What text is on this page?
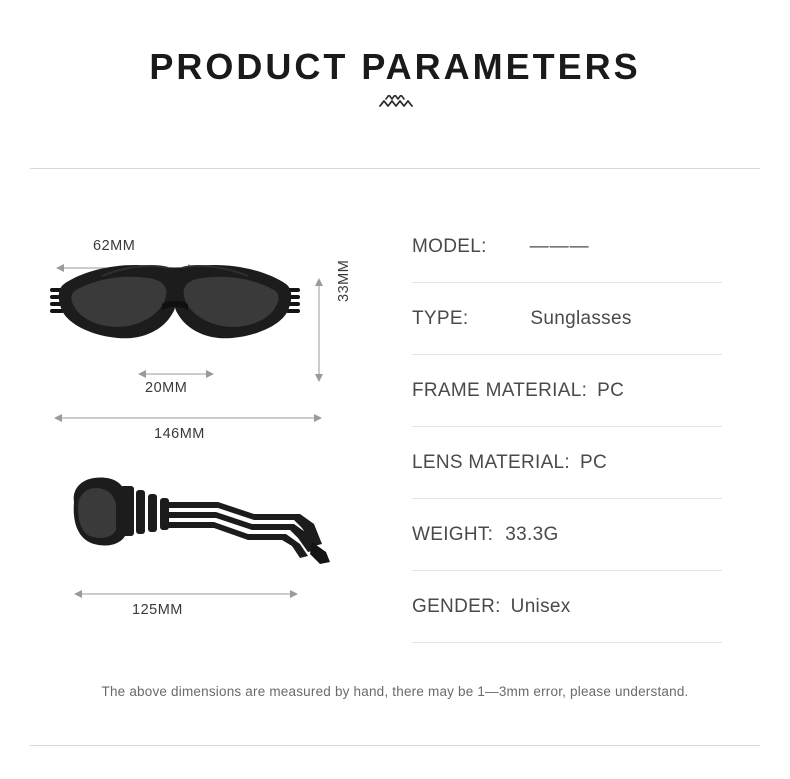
PRODUCT PARAMETERS
62MM
33MM
20MM
146MM
125MM
MODEL: ———
TYPE:	Sunglasses
FRAME MATERIAL: PC
LENS MATERIAL: PC
WEIGHT: 33.3G
GENDER: Unisex
The above dimensions are measured by hand, there may be 1—3mm error, please understand.
